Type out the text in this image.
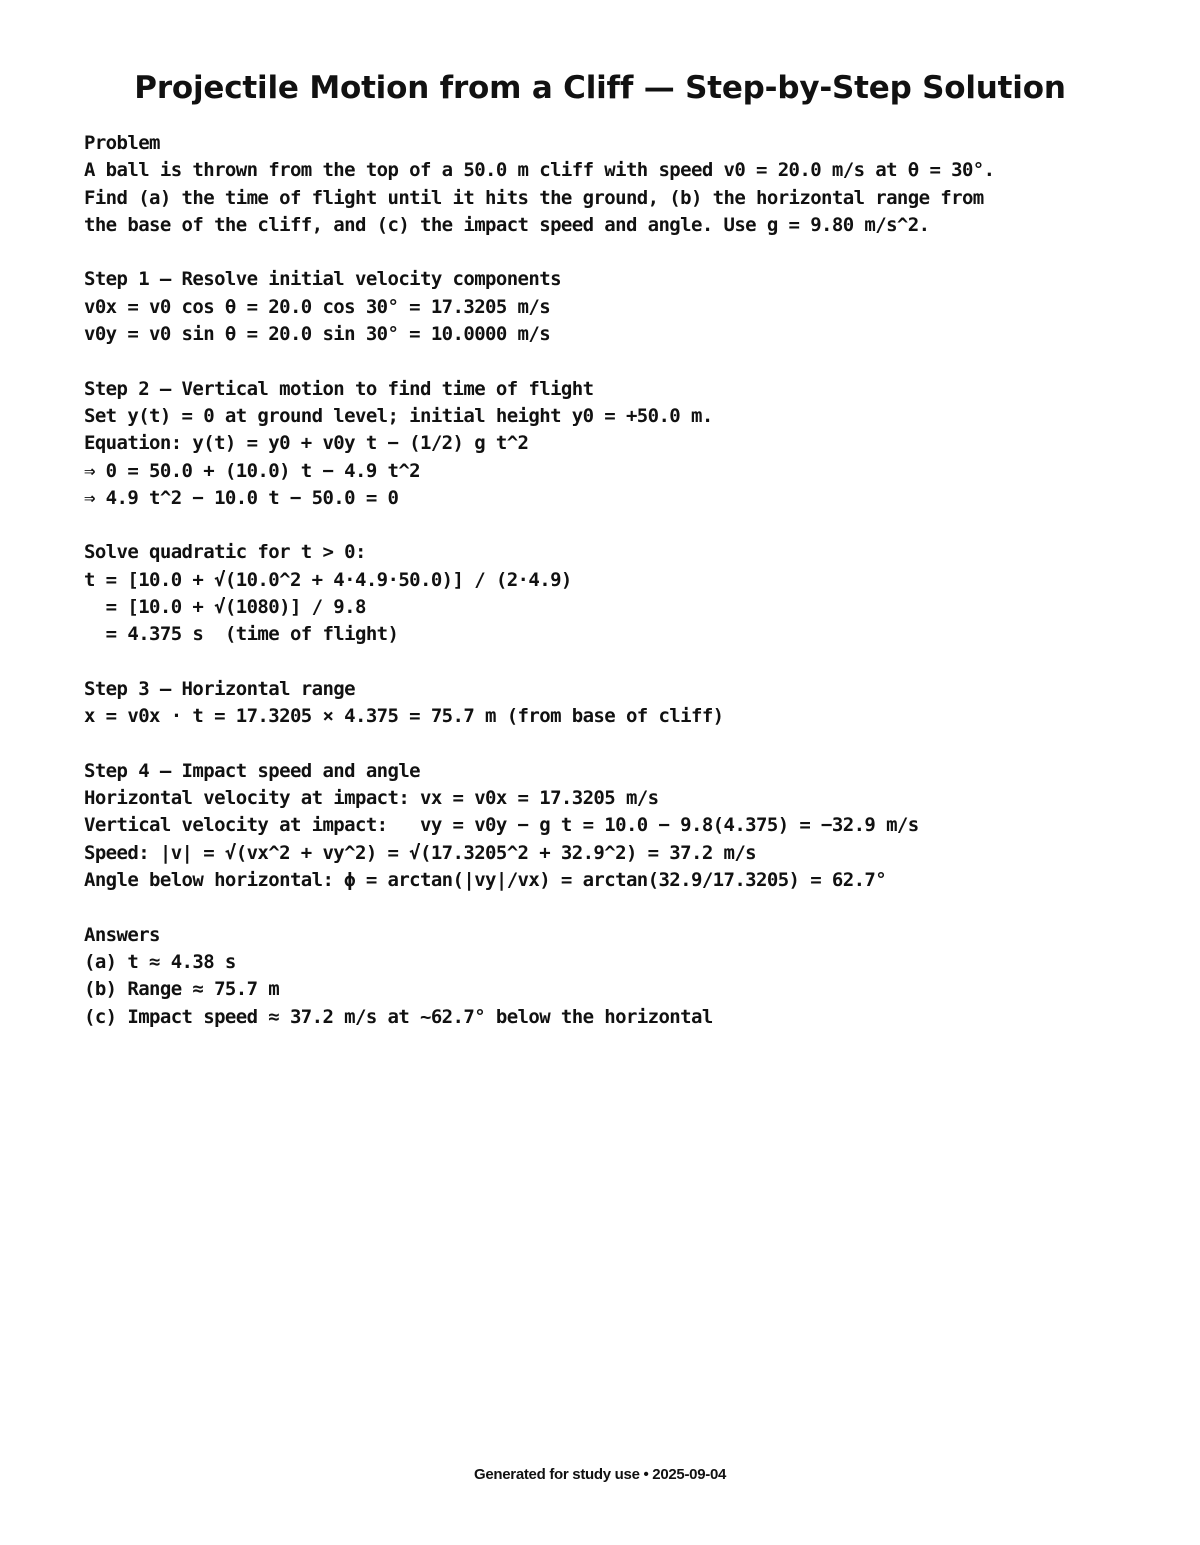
Projectile Motion from a Cliff — Step-by-Step Solution
Problem
A ball is thrown from the top of a 50.0 m cliff with speed v0 = 20.0 m/s at θ = 30°.
Find (a) the time of flight until it hits the ground, (b) the horizontal range from
the base of the cliff, and (c) the impact speed and angle. Use g = 9.80 m/s^2.
Step 1 — Resolve initial velocity components
v0x = v0 cos θ = 20.0 cos 30° = 17.3205 m/s
v0y = v0 sin θ = 20.0 sin 30° = 10.0000 m/s
Step 2 — Vertical motion to find time of flight
Set y(t) = 0 at ground level; initial height y0 = +50.0 m.
Equation: y(t) = y0 + v0y t − (1/2) g t^2
⇒ 0 = 50.0 + (10.0) t − 4.9 t^2
⇒ 4.9 t^2 − 10.0 t − 50.0 = 0
Solve quadratic for t > 0:
t = [10.0 + √(10.0^2 + 4·4.9·50.0)] / (2·4.9)
= [10.0 + √(1080)] / 9.8
= 4.375 s  (time of flight)
Step 3 — Horizontal range
x = v0x · t = 17.3205 × 4.375 = 75.7 m (from base of cliff)
Step 4 — Impact speed and angle
Horizontal velocity at impact: vx = v0x = 17.3205 m/s
Vertical velocity at impact:   vy = v0y − g t = 10.0 − 9.8(4.375) = −32.9 m/s
Speed: |v| = √(vx^2 + vy^2) = √(17.3205^2 + 32.9^2) = 37.2 m/s
Angle below horizontal: ϕ = arctan(|vy|/vx) = arctan(32.9/17.3205) = 62.7°
Answers
(a) t ≈ 4.38 s
(b) Range ≈ 75.7 m
(c) Impact speed ≈ 37.2 m/s at ~62.7° below the horizontal
Generated for study use • 2025-09-04
